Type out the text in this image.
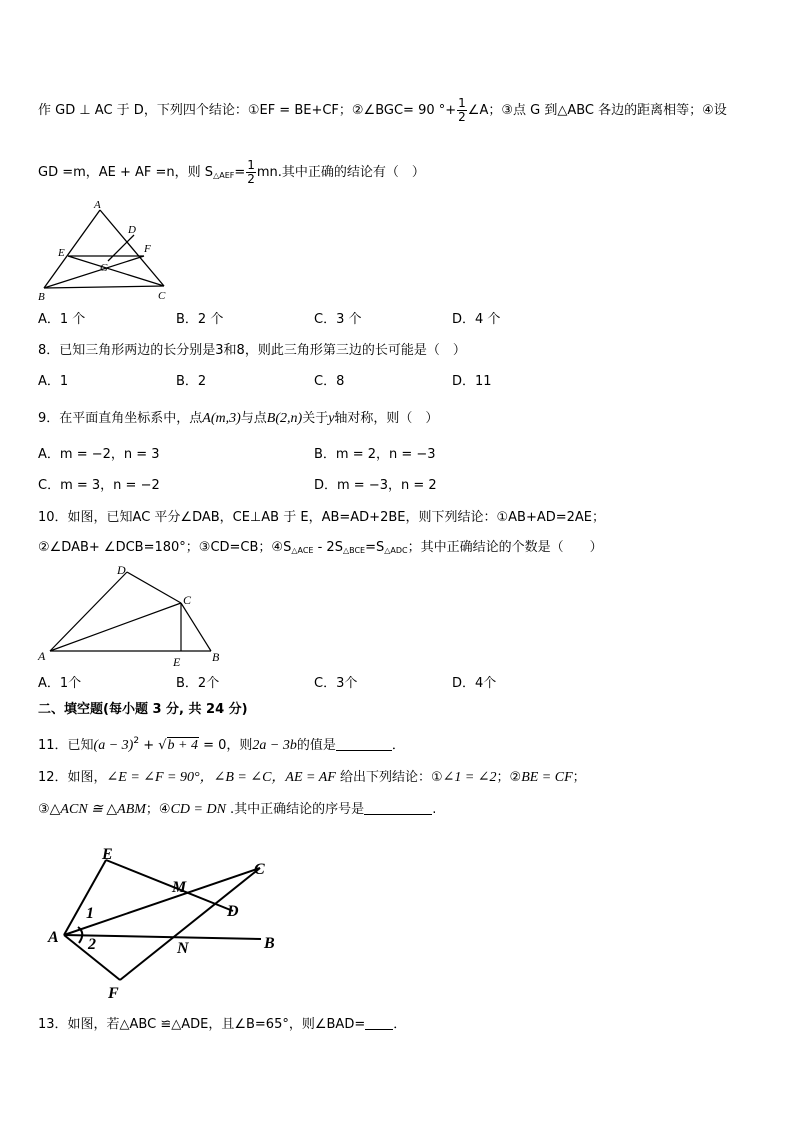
作 GD ⊥ AC 于 D，下列四个结论：①EF = BE+CF；②∠BGC= 90 °+ $\frac{1}{2}$ ∠A；③点 G 到△ABC 各边的距离相等；④设
GD =m，AE + AF =n，则 $S_{\triangle AEF}= \frac{1}{2}$ mn.其中正确的结论有（　）
A
D
E	F
G
B	C
A．1 个	B．2 个	C．3 个	D．4 个
8．已知三角形两边的长分别是3和8，则此三角形第三边的长可能是（　）
A．1	B．2	C．8	D．11
9．在平面直角坐标系中，点A(m,3)与点B(2,n)关于y轴对称，则（　）
A．m = −2，n = 3	B．m = 2，n = −3
C．m = 3，n = −2	D．m = −3，n = 2
10．如图，已知AC 平分∠DAB，CE⊥AB 于 E，AB=AD+2BE，则下列结论：①AB+AD=2AE；
②∠DAB+ ∠DCB=180°；③CD=CB；$④S_{\triangle ACE} - 2S_{\triangle BCE}=S_{\triangle ADC}$；其中正确结论的个数是（　　）
D
C
A	E	B
A．1个	B．2个	C．3个	D．4个
二、填空题(每小题 3 分, 共 24 分)
11．已知$(a - 3)^2 + √b + 4 = 0$，则2a − 3b的值是	．
12．如图，∠E = ∠F = 90°，∠B = ∠C，AE = AF 给出下列结论：①∠1 = ∠2；②BE = CF；
③△ACN ≅ △ABM；④CD = DN .其中正确结论的序号是	.
E
C
M
1	D
A 2	N	B
F
13．如图，若△ABC ≌△ADE，且∠B=65°，则∠BAD= ．
